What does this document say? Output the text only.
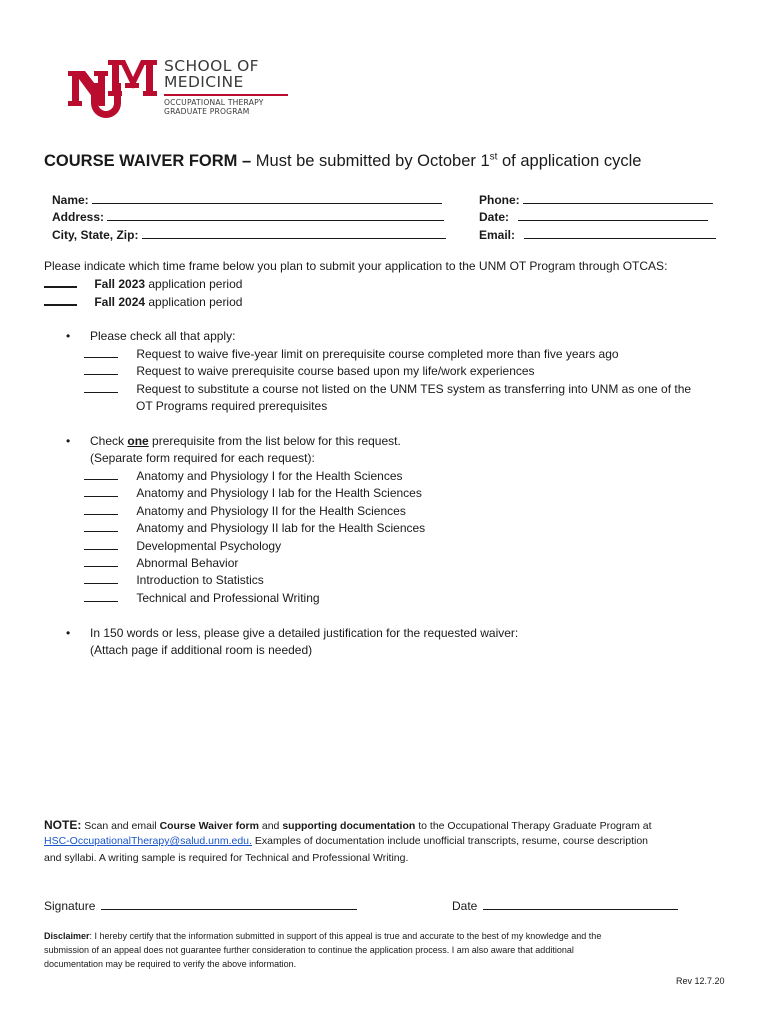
SCHOOL OF
MEDICINE
OCCUPATIONAL THERAPY
GRADUATE PROGRAM
COURSE WAIVER FORM – Must be submitted by October 1st of application cycle
Name:
Address:
City, State, Zip:
Phone:
Date:
Email:
Please indicate which time frame below you plan to submit your application to the UNM OT Program through OTCAS:
Fall 2023 application period
Fall 2024 application period
• Please check all that apply:
Request to waive five-year limit on prerequisite course completed more than five years ago
Request to waive prerequisite course based upon my life/work experiences
Request to substitute a course not listed on the UNM TES system as transferring into UNM as one of the
OT Programs required prerequisites
• Check one prerequisite from the list below for this request.
(Separate form required for each request):
Anatomy and Physiology I for the Health Sciences
Anatomy and Physiology I lab for the Health Sciences
Anatomy and Physiology II for the Health Sciences
Anatomy and Physiology II lab for the Health Sciences
Developmental Psychology
Abnormal Behavior
Introduction to Statistics
Technical and Professional Writing
• In 150 words or less, please give a detailed justification for the requested waiver:
(Attach page if additional room is needed)
NOTE: Scan and email Course Waiver form and supporting documentation to the Occupational Therapy Graduate Program at
HSC-OccupationalTherapy@salud.unm.edu. Examples of documentation include unofficial transcripts, resume, course description
and syllabi. A writing sample is required for Technical and Professional Writing.
Signature	Date
Disclaimer: I hereby certify that the information submitted in support of this appeal is true and accurate to the best of my knowledge and the
submission of an appeal does not guarantee further consideration to continue the application process. I am also aware that additional
documentation may be required to verify the above information.
Rev 12.7.20
